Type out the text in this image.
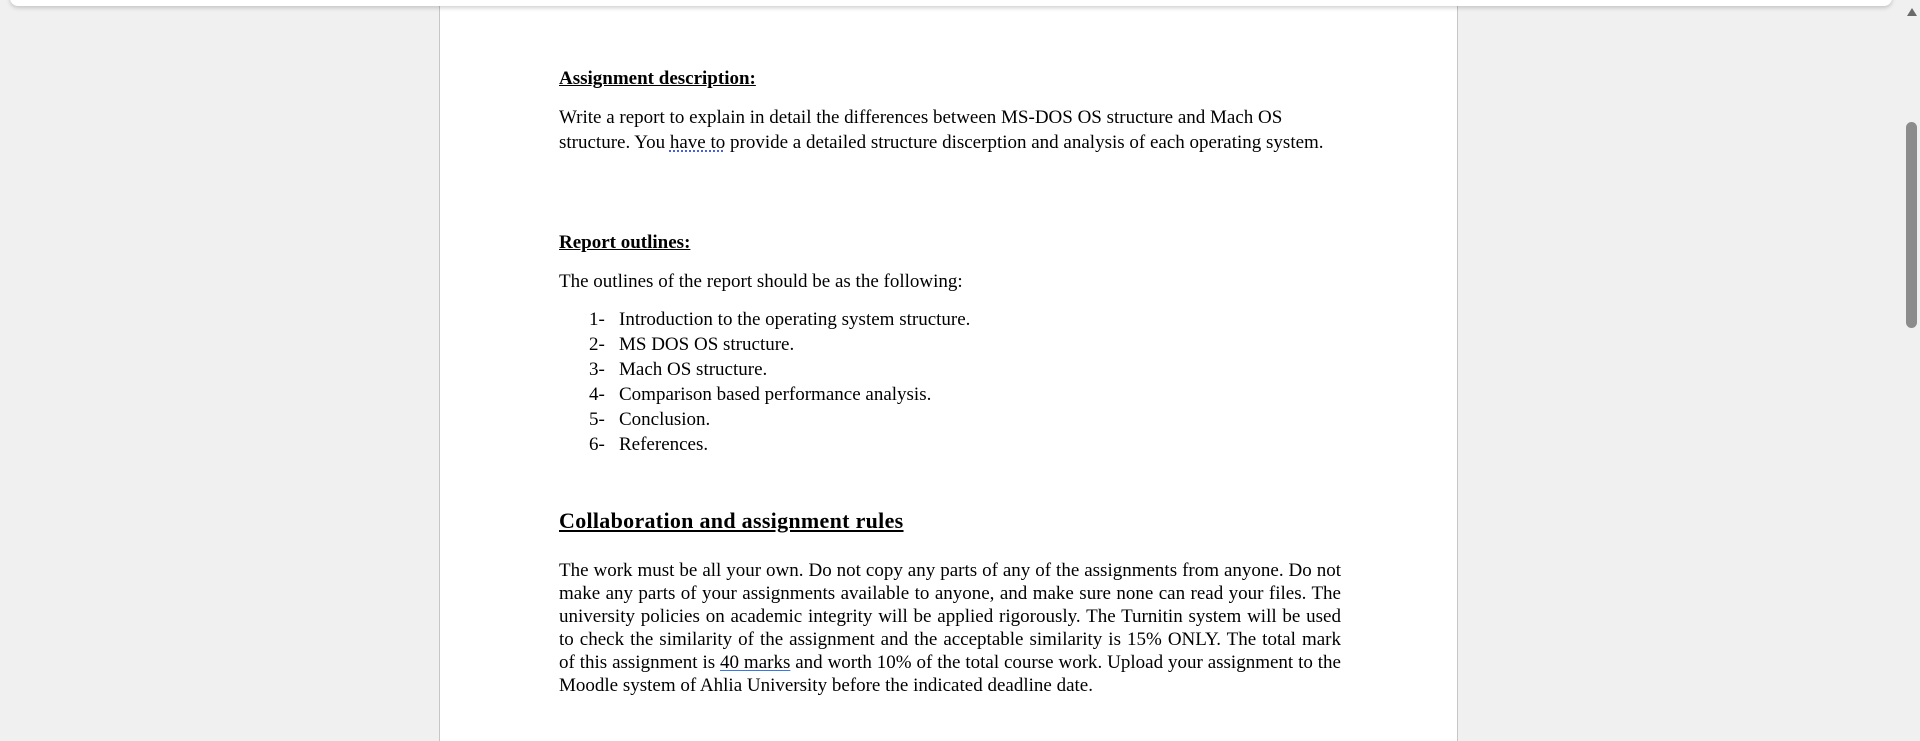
Assignment description:
Write a report to explain in detail the differences between MS-DOS OS structure and Mach OS structure. You have to provide a detailed structure discerption and analysis of each operating system.
Report outlines:
The outlines of the report should be as the following:
1- Introduction to the operating system structure.
2- MS DOS OS structure.
3- Mach OS structure.
4- Comparison based performance analysis.
5- Conclusion.
6- References.
Collaboration and assignment rules
The work must be all your own. Do not copy any parts of any of the assignments from anyone. Do not make any parts of your assignments available to anyone, and make sure none can read your files. The university policies on academic integrity will be applied rigorously. The Turnitin system will be used to check the similarity of the assignment and the acceptable similarity is 15% ONLY. The total mark of this assignment is 40 marks and worth 10% of the total course work. Upload your assignment to the Moodle system of Ahlia University before the indicated deadline date.
